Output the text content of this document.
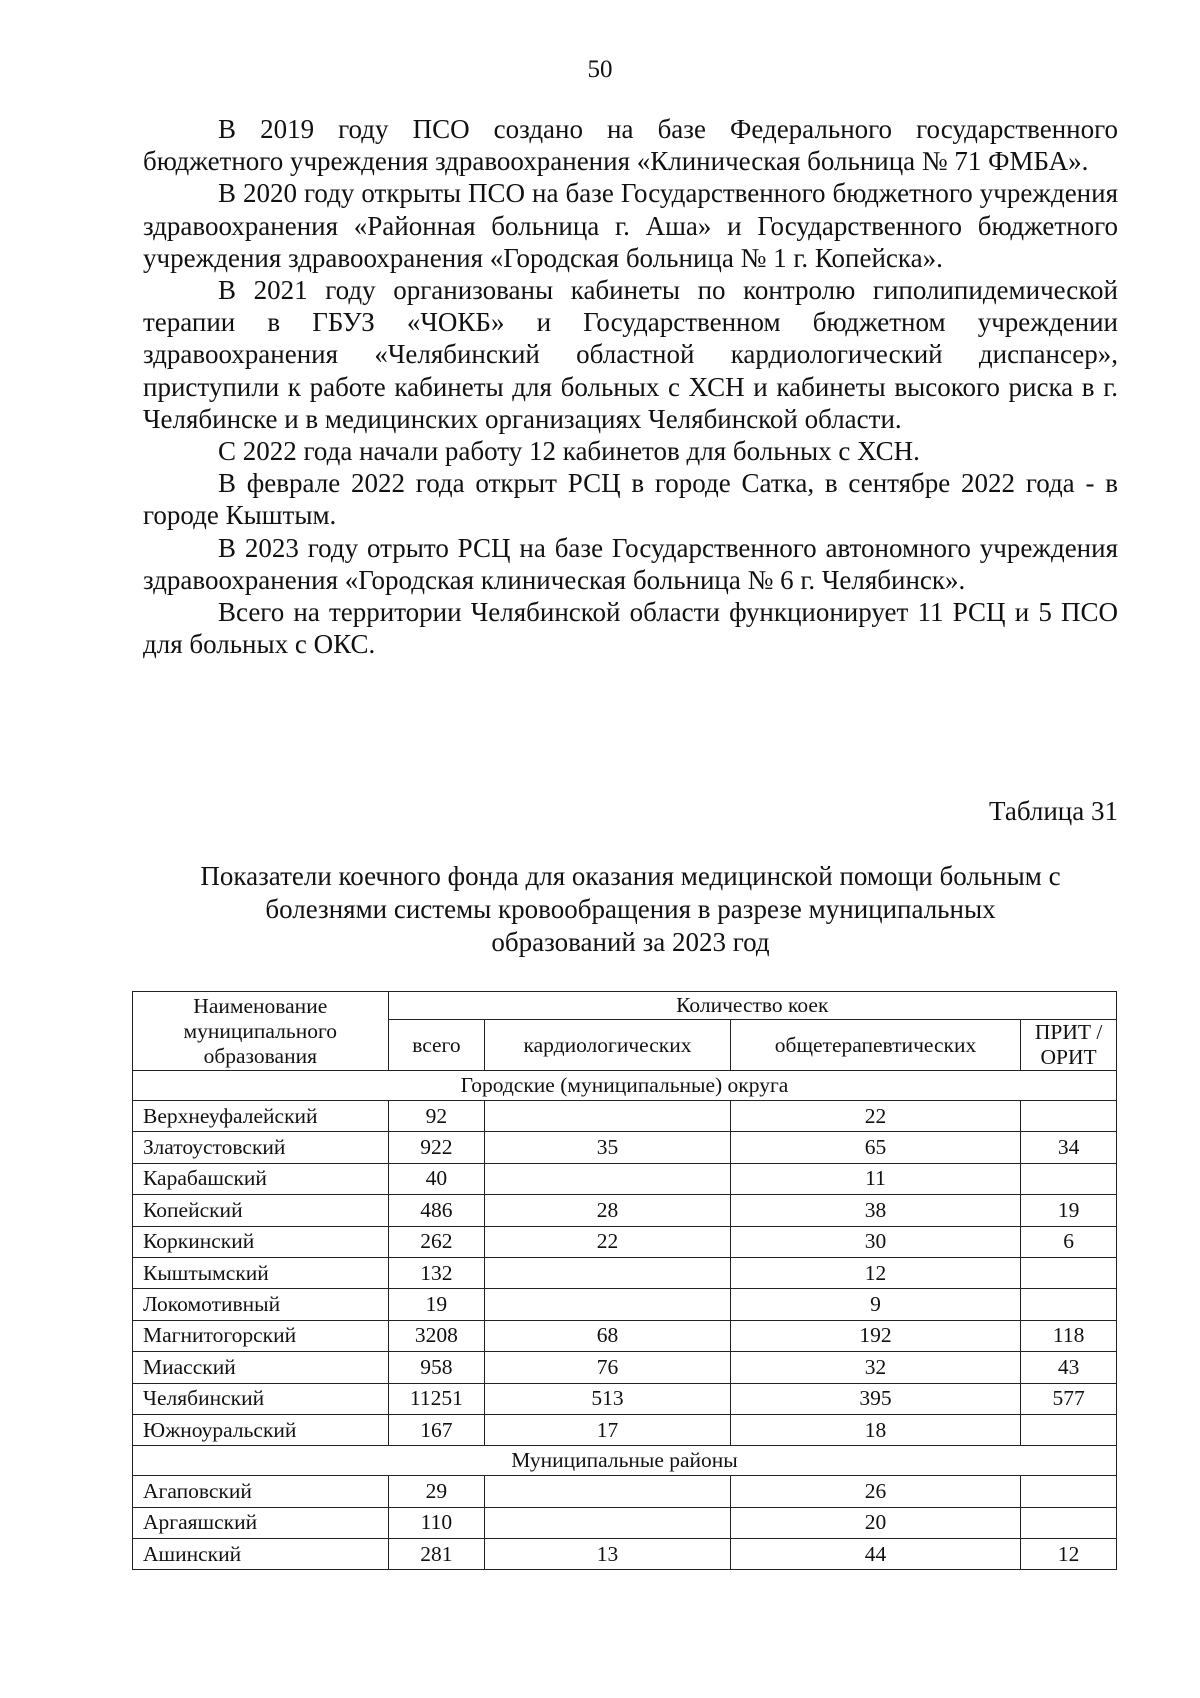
50

В 2019 году ПСО создано на базе Федерального государственного бюджетного учреждения здравоохранения «Клиническая больница № 71 ФМБА».

В 2020 году открыты ПСО на базе Государственного бюджетного учреждения здравоохранения «Районная больница г. Аша» и Государственного бюджетного учреждения здравоохранения «Городская больница № 1 г. Копейска».

В 2021 году организованы кабинеты по контролю гиполипидемической терапии в ГБУЗ «ЧОКБ» и Государственном бюджетном учреждении здравоохранения «Челябинский областной кардиологический диспансер», приступили к работе кабинеты для больных с ХСН и кабинеты высокого риска в г. Челябинске и в медицинских организациях Челябинской области.

С 2022 года начали работу 12 кабинетов для больных с ХСН.

В феврале 2022 года открыт РСЦ в городе Сатка, в сентябре 2022 года - в городе Кыштым.

В 2023 году отрыто РСЦ на базе Государственного автономного учреждения здравоохранения «Городская клиническая больница № 6 г. Челябинск».

Всего на территории Челябинской области функционирует 11 РСЦ и 5 ПСО для больных с ОКС.

Таблица 31
Показатели коечного фонда для оказания медицинской помощи больным с
болезнями системы кровообращения в разрезе муниципальных
образований за 2023 год
Наименование муниципального образования	Количество коек			
	всего	кардиологических	общетерапевтических	ПРИТ /ОРИТ
Городские (муниципальные) округа				
Верхнеуфалейский	92		22	
Златоустовский	922	35	65	34
Карабашский	40		11	
Копейский	486	28	38	19
Коркинский	262	22	30	6
Кыштымский	132		12	
Локомотивный	19		9	
Магнитогорский	3208	68	192	118
Миасский	958	76	32	43
Челябинский	11251	513	395	577
Южноуральский	167	17	18	
Муниципальные районы				
Агаповский	29		26	
Аргаяшский	110		20	
Ашинский	281	13	44	12
